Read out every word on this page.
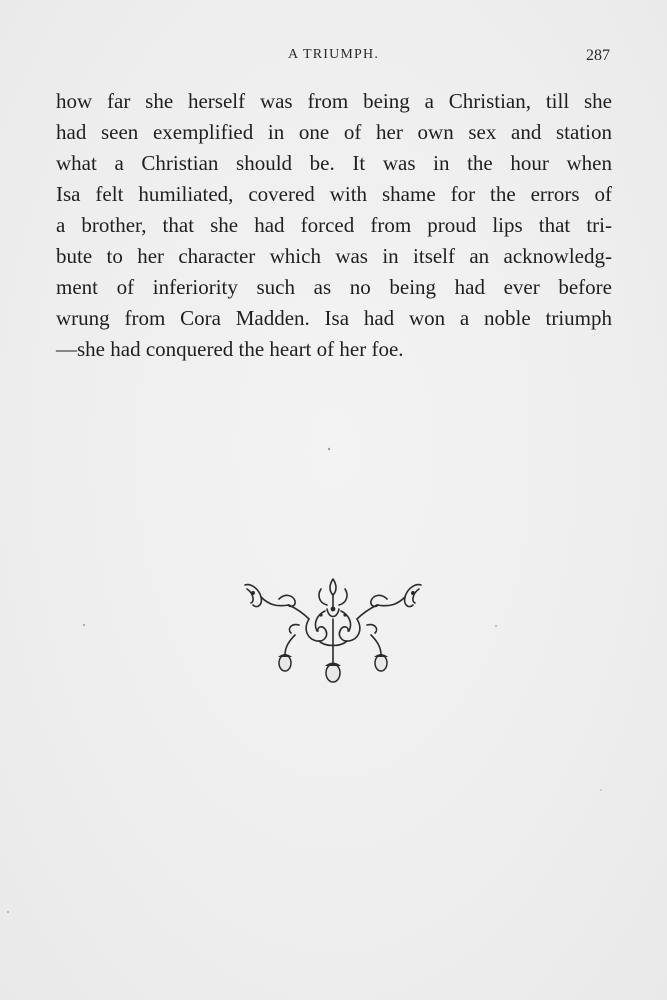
A TRIUMPH.	287
how far she herself was from being a Christian, till she
had seen exemplified in one of her own sex and station
what a Christian should be. It was in the hour when
Isa felt humiliated, covered with shame for the errors of
a brother, that she had forced from proud lips that tri-
bute to her character which was in itself an acknowledg-
ment of inferiority such as no being had ever before
wrung from Cora Madden. Isa had won a noble triumph
—she had conquered the heart of her foe.
